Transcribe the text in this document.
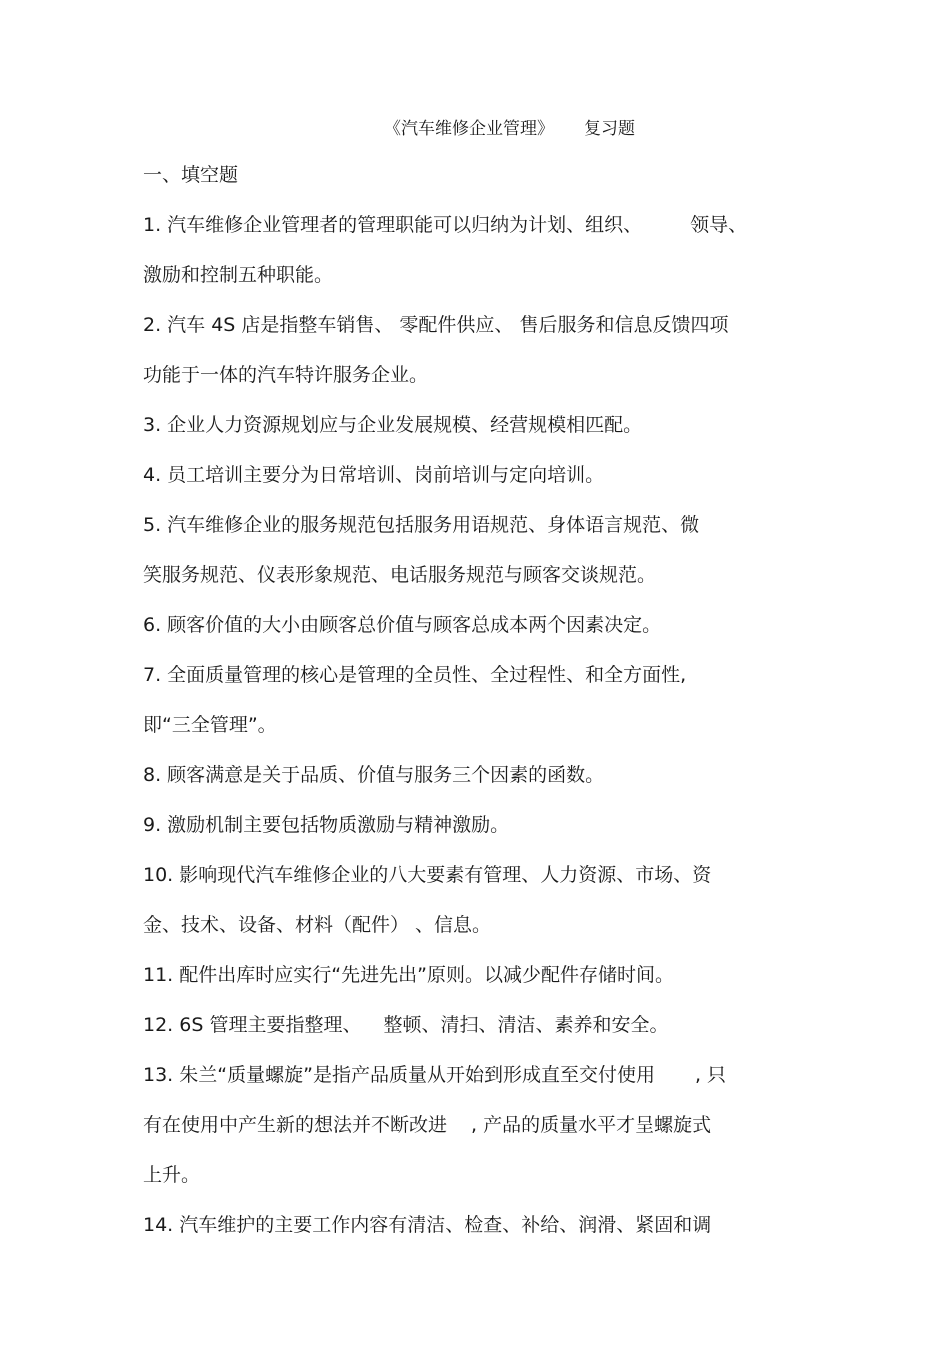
《汽车维修企业管理》 复习题
一、填空题
1. 汽车维修企业管理者的管理职能可以归纳为计划、组织、	领导、
激励和控制五种职能。
2. 汽车 4S 店是指整车销售、 零配件供应、 售后服务和信息反馈四项
功能于一体的汽车特许服务企业。
3. 企业人力资源规划应与企业发展规模、经营规模相匹配。
4. 员工培训主要分为日常培训、岗前培训与定向培训。
5. 汽车维修企业的服务规范包括服务用语规范、身体语言规范、微
笑服务规范、仪表形象规范、电话服务规范与顾客交谈规范。
6. 顾客价值的大小由顾客总价值与顾客总成本两个因素决定。
7. 全面质量管理的核心是管理的全员性、全过程性、和全方面性,
即“三全管理”。
8. 顾客满意是关于品质、价值与服务三个因素的函数。
9. 激励机制主要包括物质激励与精神激励。
10. 影响现代汽车维修企业的八大要素有管理、人力资源、市场、资
金、技术、设备、材料（配件） 、信息。
11. 配件出库时应实行“先进先出”原则。以减少配件存储时间。
12. 6S 管理主要指整理、 整顿、清扫、清洁、素养和安全。
13. 朱兰“质量螺旋”是指产品质量从开始到形成直至交付使用 , 只
有在使用中产生新的想法并不断改进 , 产品的质量水平才呈螺旋式
上升。
14. 汽车维护的主要工作内容有清洁、检查、补给、润滑、紧固和调
